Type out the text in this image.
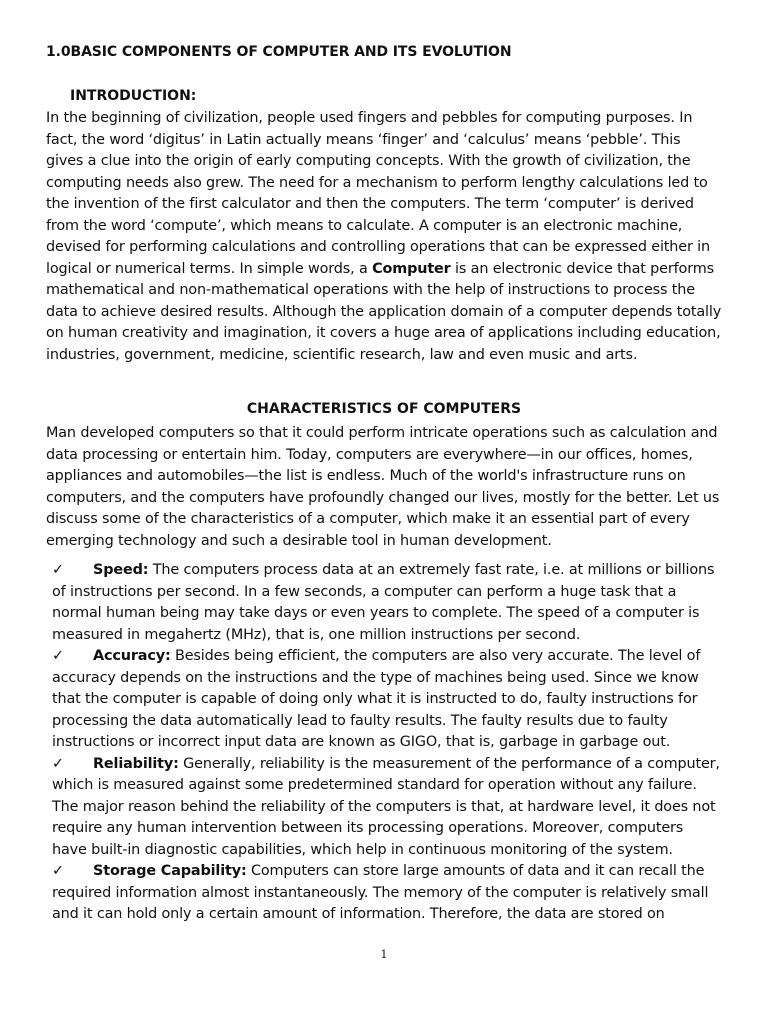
1.0BASIC COMPONENTS OF COMPUTER AND ITS EVOLUTION
INTRODUCTION:

In the beginning of civilization, people used fingers and pebbles for computing purposes. In fact, the word ‘digitus’ in Latin actually means ‘finger’ and ‘calculus’ means ‘pebble’. This gives a clue into the origin of early computing concepts. With the growth of civilization, the computing needs also grew. The need for a mechanism to perform lengthy calculations led to the invention of the first calculator and then the computers. The term ‘computer’ is derived from the word ‘compute’, which means to calculate. A computer is an electronic machine, devised for performing calculations and controlling operations that can be expressed either in logical or numerical terms. In simple words, a Computer is an electronic device that performs mathematical and non-mathematical operations with the help of instructions to process the data to achieve desired results. Although the application domain of a computer depends totally on human creativity and imagination, it covers a huge area of applications including education, industries, government, medicine, scientific research, law and even music and arts.

CHARACTERISTICS OF COMPUTERS

Man developed computers so that it could perform intricate operations such as calculation and data processing or entertain him. Today, computers are everywhere—in our offices, homes, appliances and automobiles—the list is endless. Much of the world's infrastructure runs on computers, and the computers have profoundly changed our lives, mostly for the better. Let us discuss some of the characteristics of a computer, which make it an essential part of every emerging technology and such a desirable tool in human development.

✓ Speed: The computers process data at an extremely fast rate, i.e. at millions or billions of instructions per second. In a few seconds, a computer can perform a huge task that a normal human being may take days or even years to complete. The speed of a computer is measured in megahertz (MHz), that is, one million instructions per second.
✓ Accuracy: Besides being efficient, the computers are also very accurate. The level of accuracy depends on the instructions and the type of machines being used. Since we know that the computer is capable of doing only what it is instructed to do, faulty instructions for processing the data automatically lead to faulty results. The faulty results due to faulty instructions or incorrect input data are known as GIGO, that is, garbage in garbage out.
✓ Reliability: Generally, reliability is the measurement of the performance of a computer, which is measured against some predetermined standard for operation without any failure. The major reason behind the reliability of the computers is that, at hardware level, it does not require any human intervention between its processing operations. Moreover, computers have built-in diagnostic capabilities, which help in continuous monitoring of the system.
✓ Storage Capability: Computers can store large amounts of data and it can recall the required information almost instantaneously. The memory of the computer is relatively small and it can hold only a certain amount of information. Therefore, the data are stored on
1
